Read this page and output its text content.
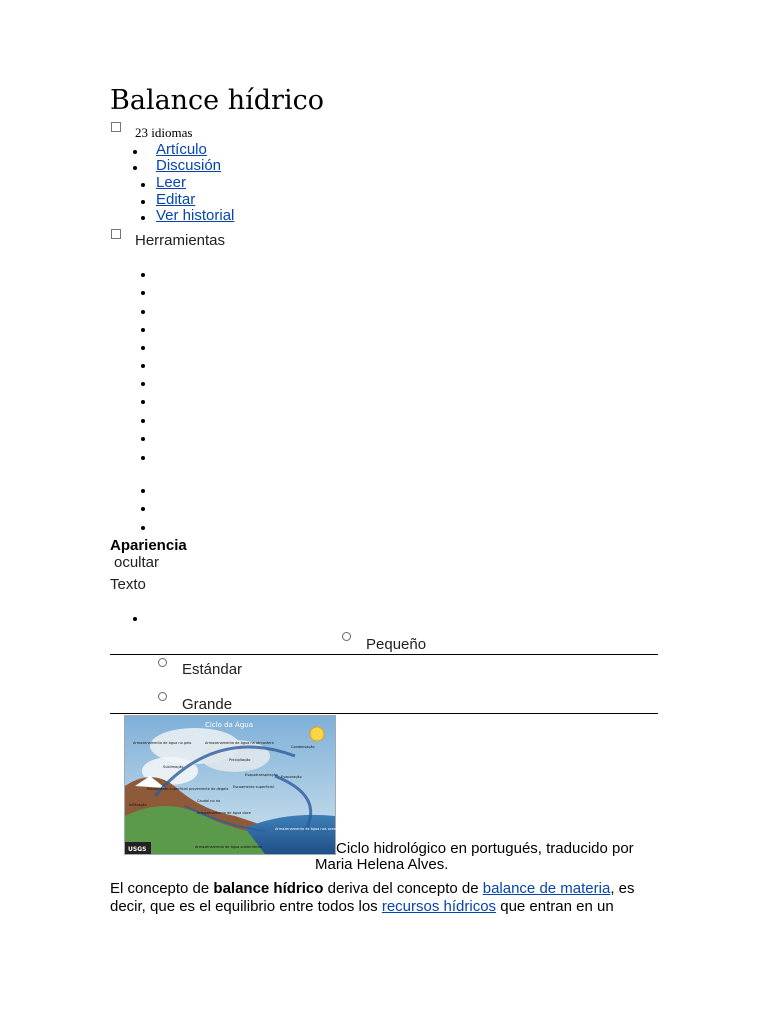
Balance hídrico
23 idiomas
Artículo
Discusión
Leer
Editar
Ver historial
Herramientas
Apariencia
ocultar
Texto
Pequeño
Estándar
Grande
Ciclo da Água
Armazenamento de água no gelo	Armazenamento de água na atmosfera
Condensação
Sublimação
Precipitação
Evapotranspiração Evaporação
Escoamento superficial
Escoamento superficial proveniente do degelo
Caudal no rio
Armazenamento de água doce
Infiltração
Armazenamento de água nos oceanos
Armazenamento de água subterrânea
USGS	Ciclo hidrológico en portugués, traducido por
Maria Helena Alves.

El concepto de balance hídrico deriva del concepto de balance de materia, es decir, que es el equilibrio entre todos los recursos hídricos que entran en un
